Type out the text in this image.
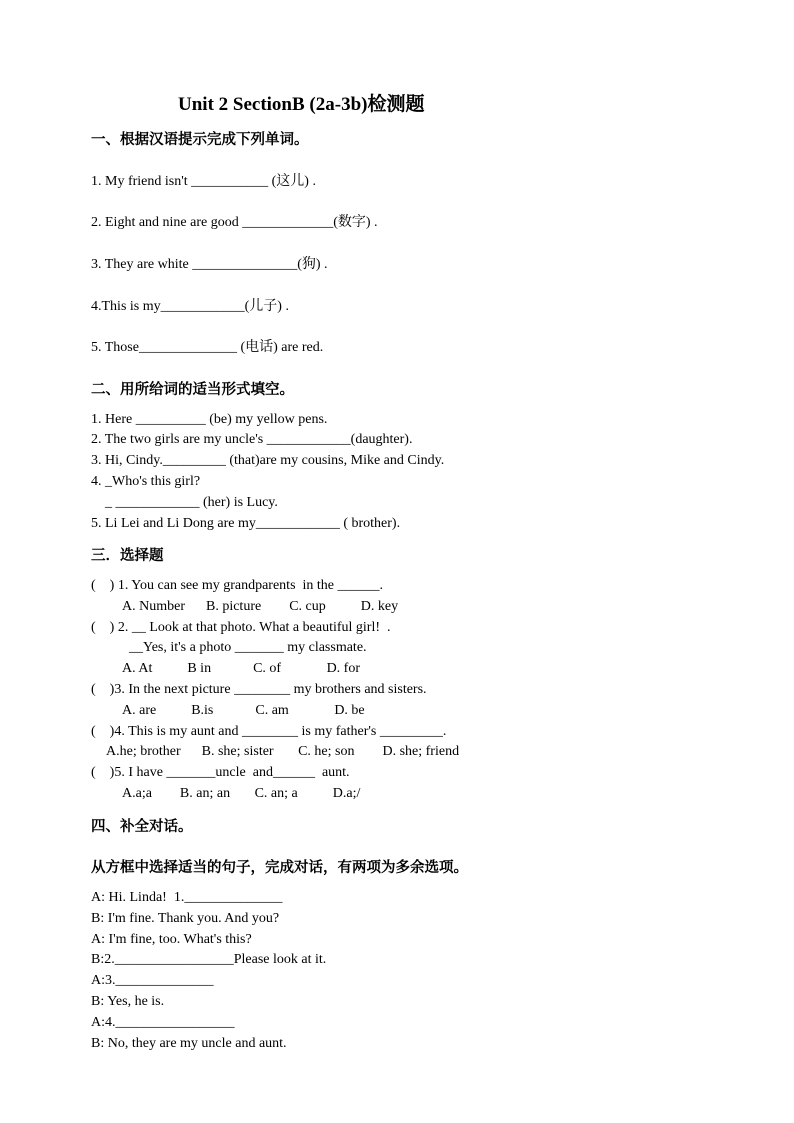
Unit 2 SectionB (2a-3b)检测题
一、根据汉语提示完成下列单词。
1. My friend isn't ___________ (这儿) .
2. Eight and nine are good _____________(数字) .
3. They are white _______________(狗) .
4.This is my____________(儿子) .
5. Those______________ (电话) are red.
二、用所给词的适当形式填空。
1. Here __________ (be) my yellow pens.
2. The two girls are my uncle's ____________(daughter).
3. Hi, Cindy._________ (that)are my cousins, Mike and Cindy.
4. _Who's this girl?
_ ____________ (her) is Lucy.
5. Li Lei and Li Dong are my____________ ( brother).
三．选择题
(    ) 1. You can see my grandparents  in the ______.
A. Number      B. picture        C. cup          D. key
(    ) 2. __ Look at that photo. What a beautiful girl!  .
__Yes, it's a photo _______ my classmate.
A. At          B in            C. of             D. for
(    )3. In the next picture ________ my brothers and sisters.
A. are          B.is            C. am             D. be
(    )4. This is my aunt and ________ is my father's _________.
A.he; brother      B. she; sister       C. he; son        D. she; friend
(    )5. I have _______uncle  and______  aunt.
A.a;a        B. an; an       C. an; a          D.a;/
四、补全对话。
从方框中选择适当的句子，完成对话，有两项为多余选项。
A: Hi. Linda!  1.______________
B: I'm fine. Thank you. And you?
A: I'm fine, too. What's this?
B:2._________________Please look at it.
A:3.______________
B: Yes, he is.
A:4._________________
B: No, they are my uncle and aunt.
